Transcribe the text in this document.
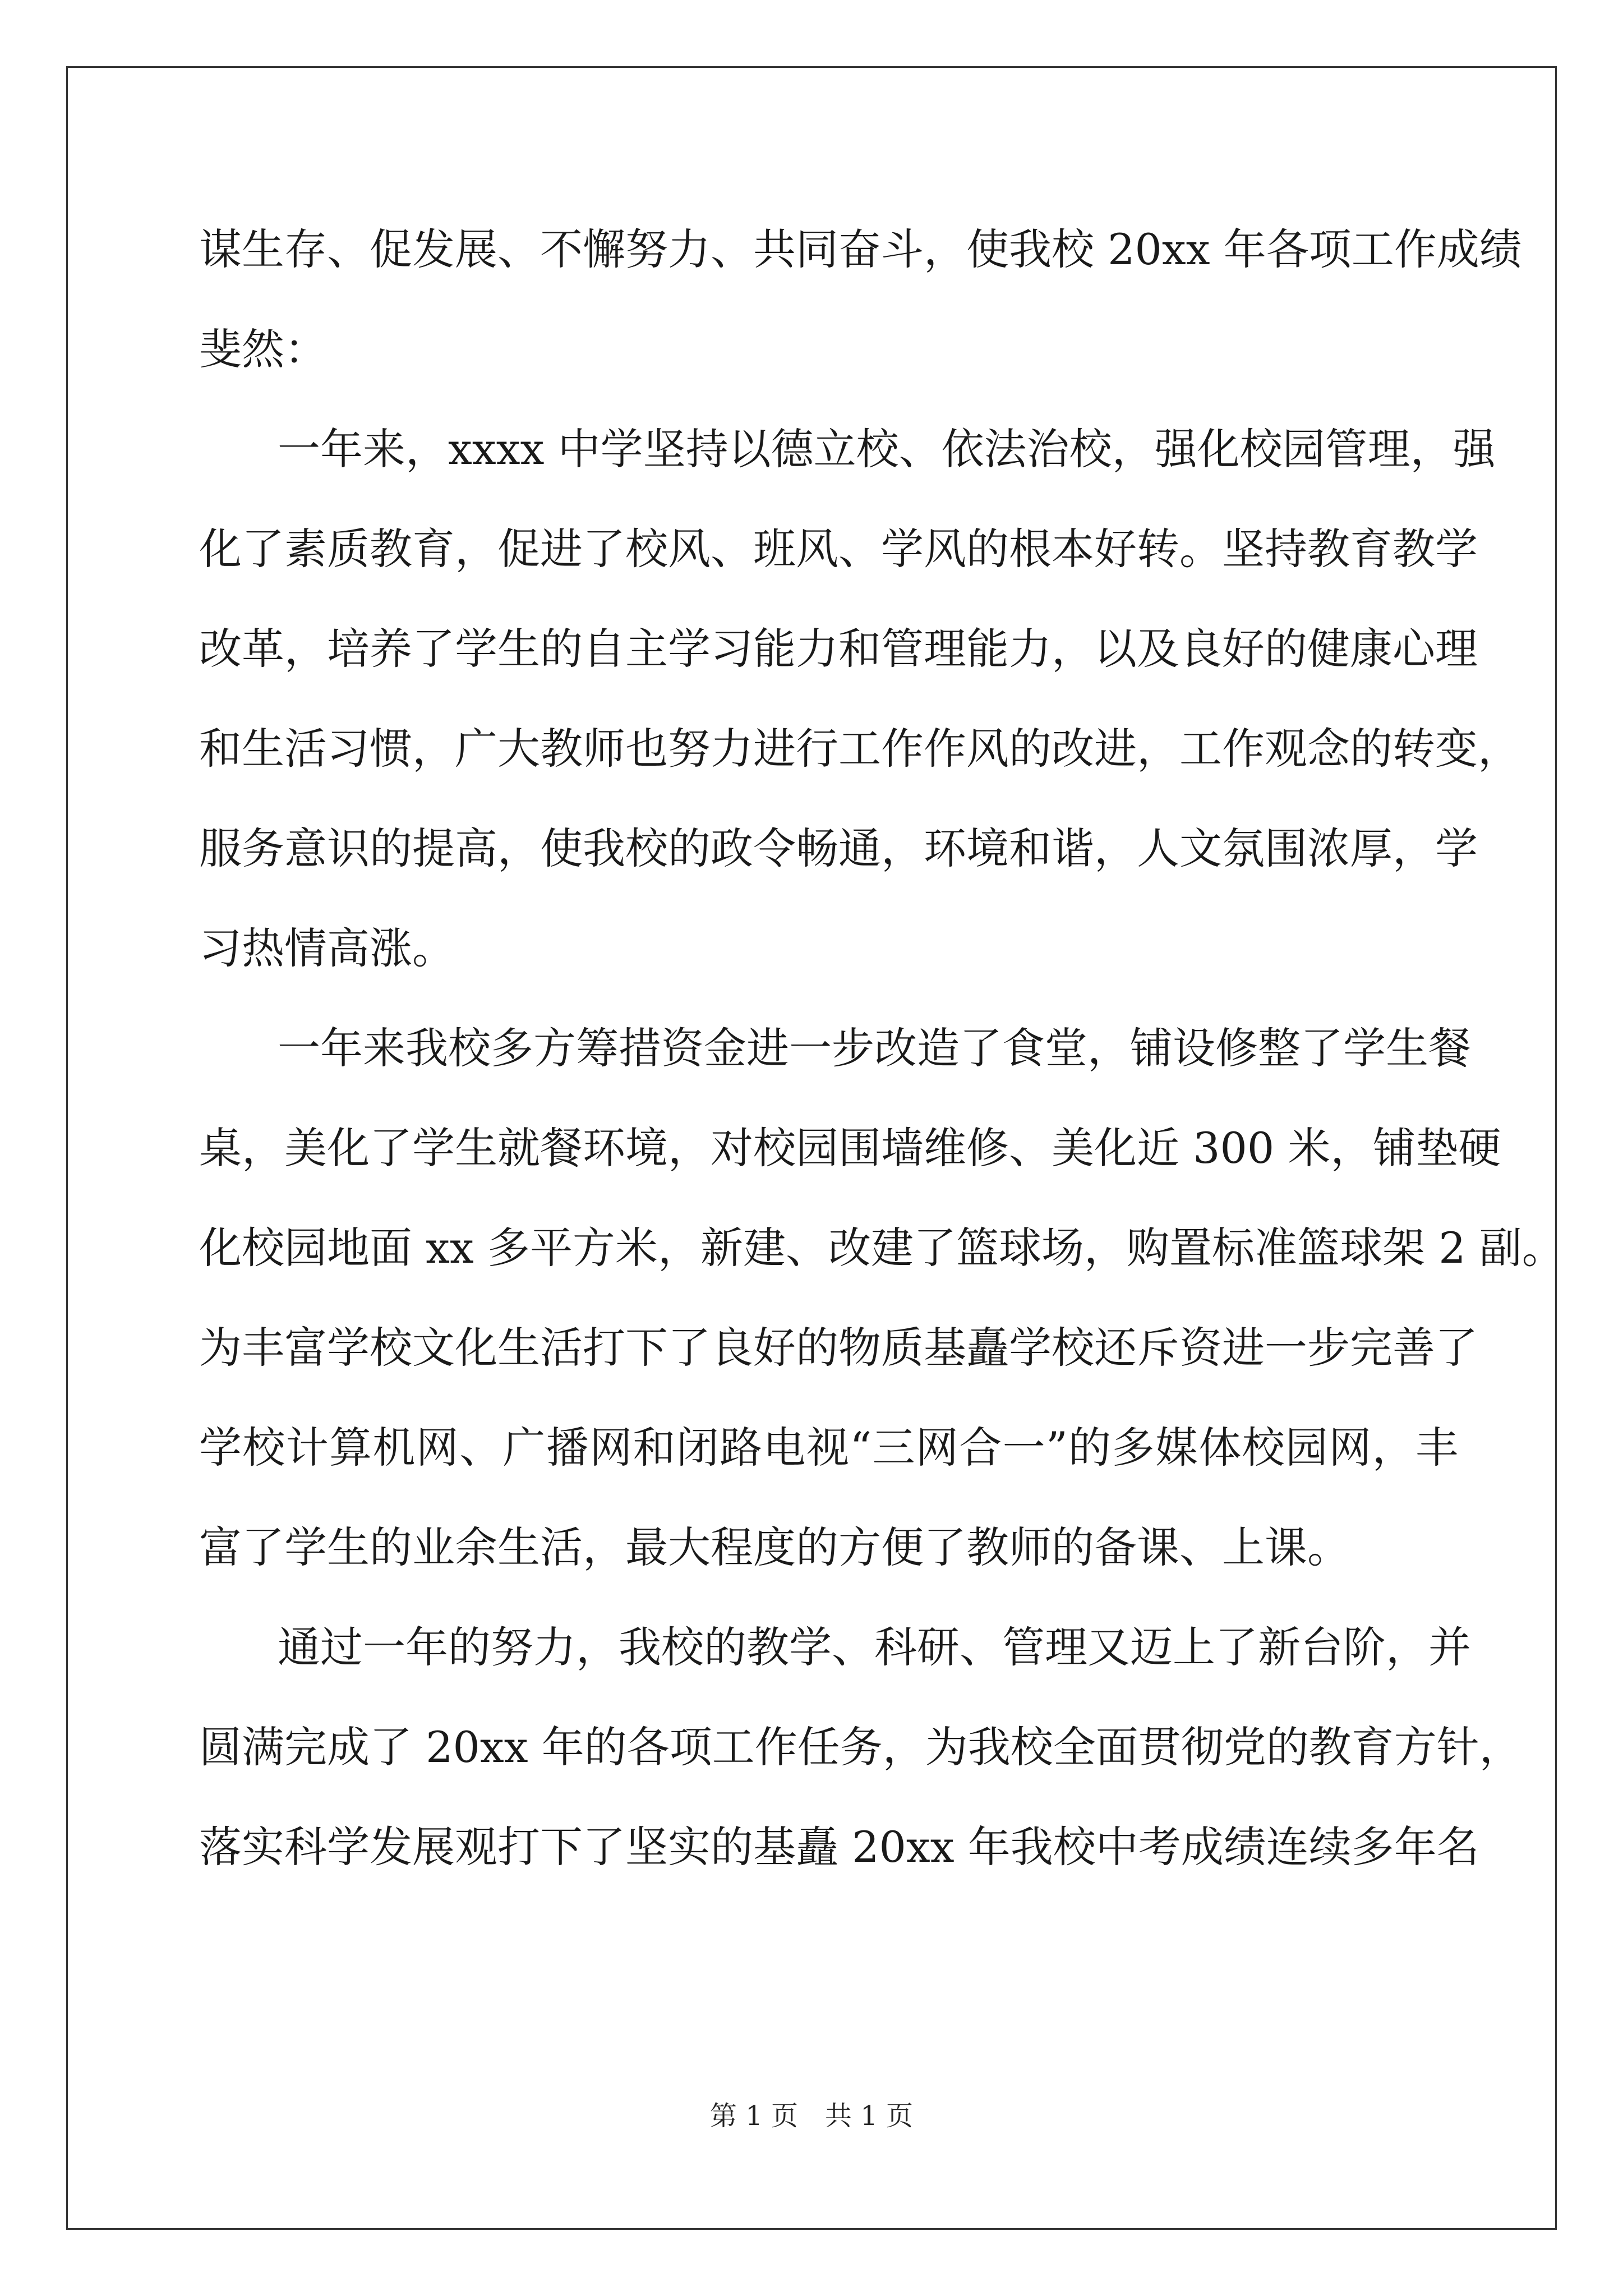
谋生存、促发展、不懈努力、共同奋斗，使我校 20xx 年各项工作成绩
斐然：
一年来，xxxx 中学坚持以德立校、依法治校，强化校园管理，强
化了素质教育，促进了校风、班风、学风的根本好转。坚持教育教学
改革，培养了学生的自主学习能力和管理能力，以及良好的健康心理
和生活习惯，广大教师也努力进行工作作风的改进，工作观念的转变，
服务意识的提高，使我校的政令畅通，环境和谐，人文氛围浓厚，学
习热情高涨。
一年来我校多方筹措资金进一步改造了食堂，铺设修整了学生餐
桌，美化了学生就餐环境，对校园围墙维修、美化近 300 米，铺垫硬
化校园地面 xx 多平方米，新建、改建了篮球场，购置标准篮球架 2 副。
为丰富学校文化生活打下了良好的物质基矗学校还斥资进一步完善了
学校计算机网、广播网和闭路电视“三网合一”的多媒体校园网，丰
富了学生的业余生活，最大程度的方便了教师的备课、上课。
通过一年的努力，我校的教学、科研、管理又迈上了新台阶，并
圆满完成了 20xx 年的各项工作任务，为我校全面贯彻党的教育方针，
落实科学发展观打下了坚实的基矗 20xx 年我校中考成绩连续多年名
第 1 页 共 1 页
